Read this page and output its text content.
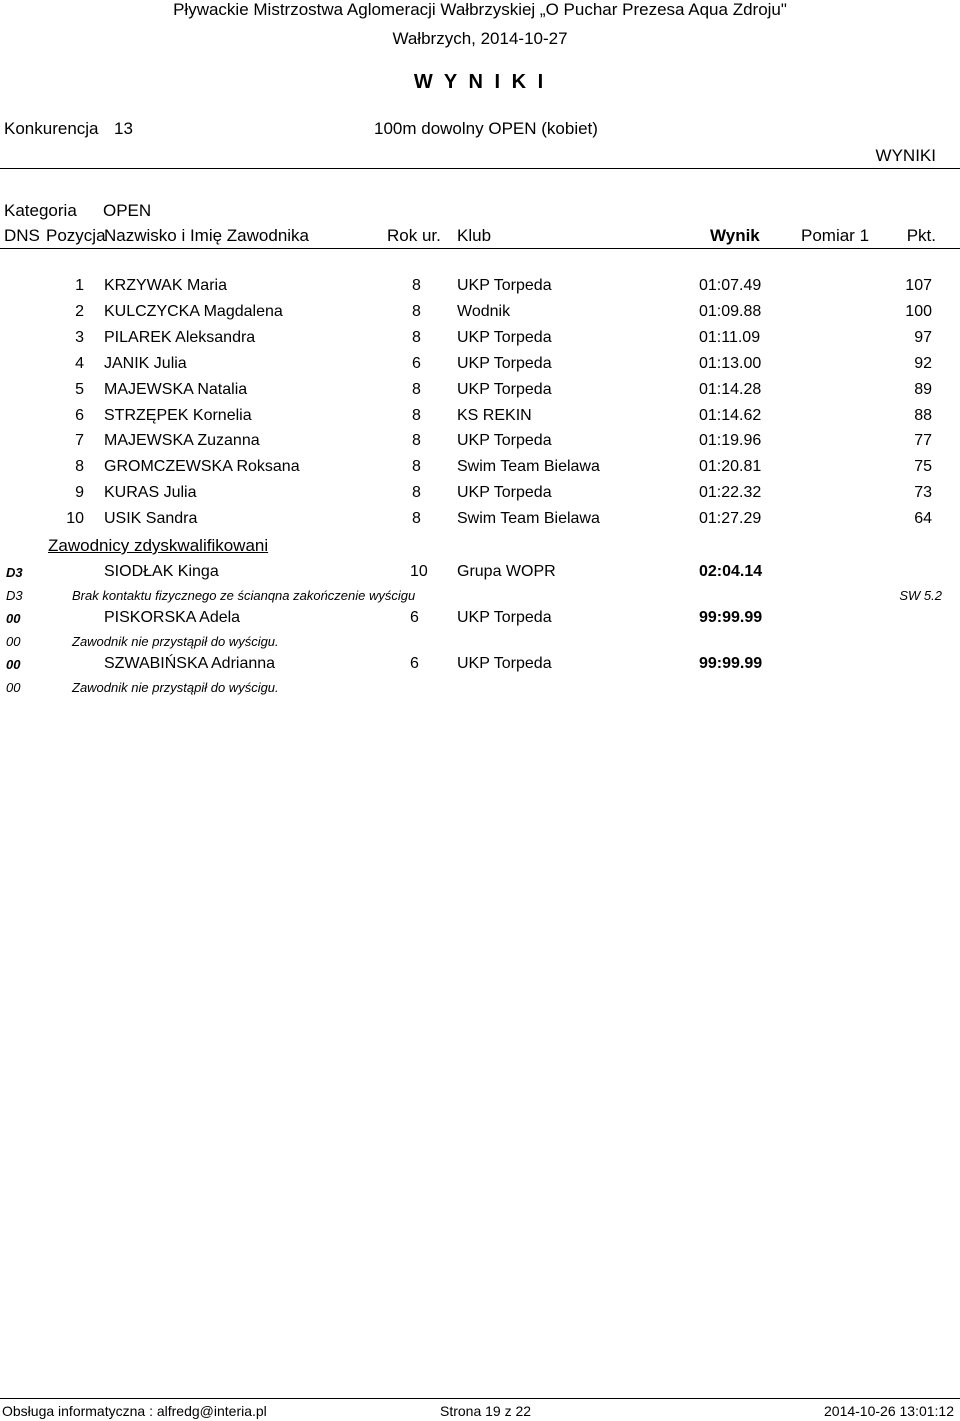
Pływackie Mistrzostwa Aglomeracji Wałbrzyskiej „O Puchar Prezesa Aqua Zdroju"
Wałbrzych, 2014-10-27
W Y N I K I
Konkurencja 13	100m dowolny OPEN (kobiet)
WYNIKI
Kategoria OPEN
DNS Pozycja
Nazwisko i Imię Zawodnika	Rok ur. Klub	Wynik Pomiar 1 Pkt.
1 KRZYWAK Maria	8 UKP Torpeda	01:07.49	107
2 KULCZYCKA Magdalena	8 Wodnik	01:09.88	100
3 PILAREK Aleksandra	8 UKP Torpeda	01:11.09	97
4 JANIK Julia	6 UKP Torpeda	01:13.00	92
5 MAJEWSKA Natalia	8 UKP Torpeda	01:14.28	89
6 STRZĘPEK Kornelia	8 KS REKIN	01:14.62	88
7 MAJEWSKA Zuzanna	8 UKP Torpeda	01:19.96	77
8 GROMCZEWSKA Roksana	8 Swim Team Bielawa	01:20.81	75
9 KURAS Julia	8 UKP Torpeda	01:22.32	73
10 USIK Sandra	8 Swim Team Bielawa	01:27.29	64
Zawodnicy zdyskwalifikowani
D3	SIODŁAK Kinga	10 Grupa WOPR	02:04.14
D3	Brak kontaktu fizycznego ze ścianqna zakończenie wyścigu	SW 5.2
00	PISKORSKA Adela	6 UKP Torpeda	99:99.99
00	Zawodnik nie przystąpił do wyścigu.
00	SZWABIŃSKA Adrianna	6 UKP Torpeda	99:99.99
00	Zawodnik nie przystąpił do wyścigu.
Obsługa informatyczna : alfredg@interia.pl	Strona 19 z 22	2014-10-26 13:01:12
